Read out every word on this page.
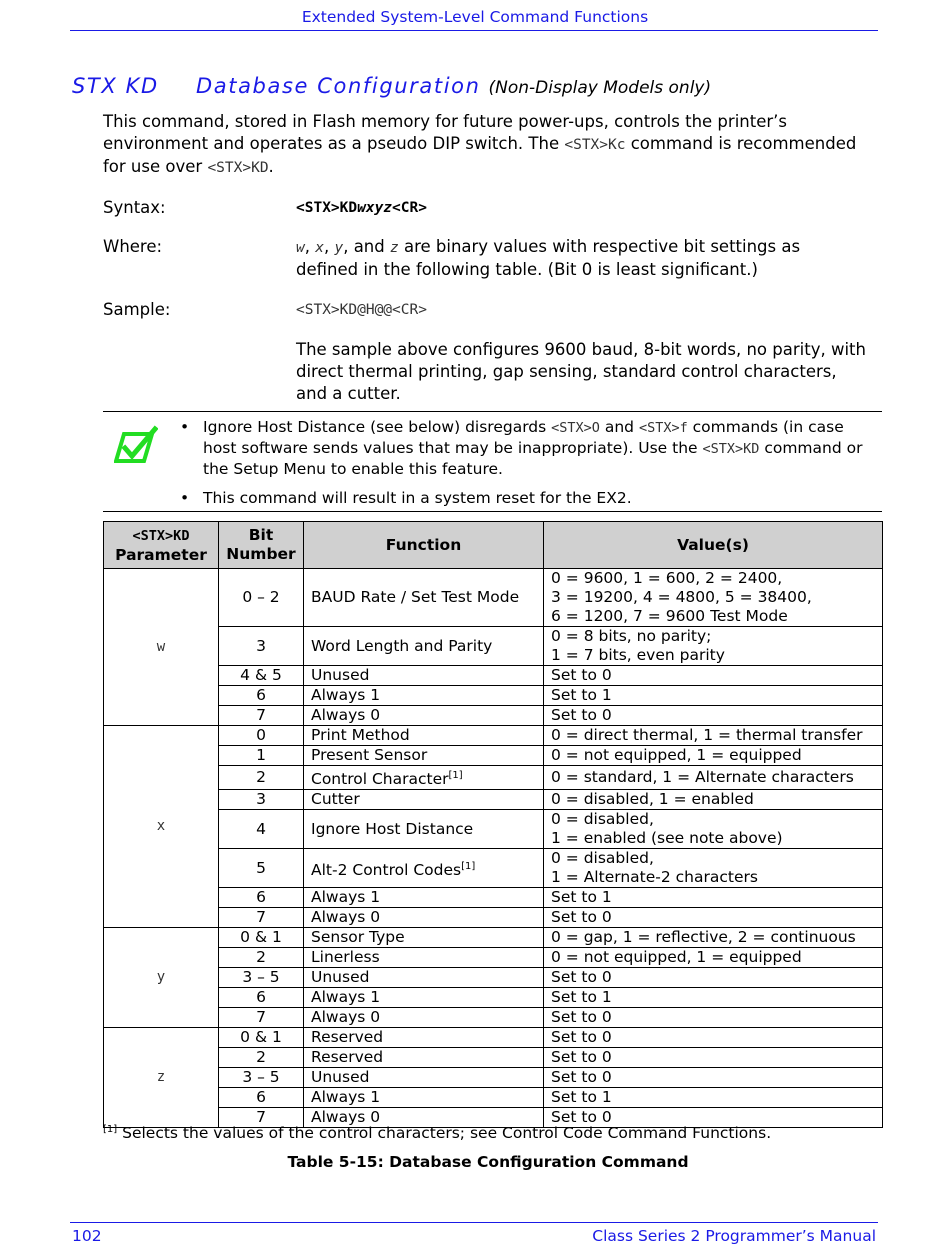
Extended System-Level Command Functions
STX KD Database Configuration (Non-Display Models only)
This command, stored in Flash memory for future power-ups, controls the printer’s environment and operates as a pseudo DIP switch. The <STX>Kc command is recommended for use over <STX>KD.
Syntax:	<STX>KDwxyz<CR>
Where:	w, x, y, and z are binary values with respective bit settings as defined in the following table. (Bit 0 is least significant.)
Sample:	<STX>KD@H@@<CR>
The sample above configures 9600 baud, 8-bit words, no parity, with direct thermal printing, gap sensing, standard control characters, and a cutter.
• Ignore Host Distance (see below) disregards <STX>O and <STX>f commands (in case host software sends values that may be inappropriate). Use the <STX>KD command or the Setup Menu to enable this feature.
• This command will result in a system reset for the EX2.
<STX>KD
Parameter	Bit Number	Function	Value(s)
w	0 – 2	BAUD Rate / Set Test Mode	0 = 9600, 1 = 600, 2 = 2400,
3 = 19200, 4 = 4800, 5 = 38400,
6 = 1200, 7 = 9600 Test Mode

	3	Word Length and Parity	0 = 8 bits, no parity;
1 = 7 bits, even parity

	4 & 5	Unused	Set to 0

	6	Always 1	Set to 1

	7	Always 0	Set to 0

x	0	Print Method	0 = direct thermal, 1 = thermal transfer

	1	Present Sensor	0 = not equipped, 1 = equipped

	2	Control Character[1]	0 = standard, 1 = Alternate characters

	3	Cutter	0 = disabled, 1 = enabled

	4	Ignore Host Distance	0 = disabled,
1 = enabled (see note above)

	5	Alt-2 Control Codes[1]	0 = disabled,
1 = Alternate-2 characters

	6	Always 1	Set to 1

	7	Always 0	Set to 0

y	0 & 1	Sensor Type	0 = gap, 1 = reflective, 2 = continuous

	2	Linerless	0 = not equipped, 1 = equipped

	3 – 5	Unused	Set to 0

	6	Always 1	Set to 1

	7	Always 0	Set to 0

z	0 & 1	Reserved	Set to 0

	2	Reserved	Set to 0

	3 – 5	Unused	Set to 0

	6	Always 1	Set to 1

	7	Always 0	Set to 0
[1] Selects the values of the control characters; see Control Code Command Functions.
Table 5-15: Database Configuration Command
102	Class Series 2 Programmer’s Manual
